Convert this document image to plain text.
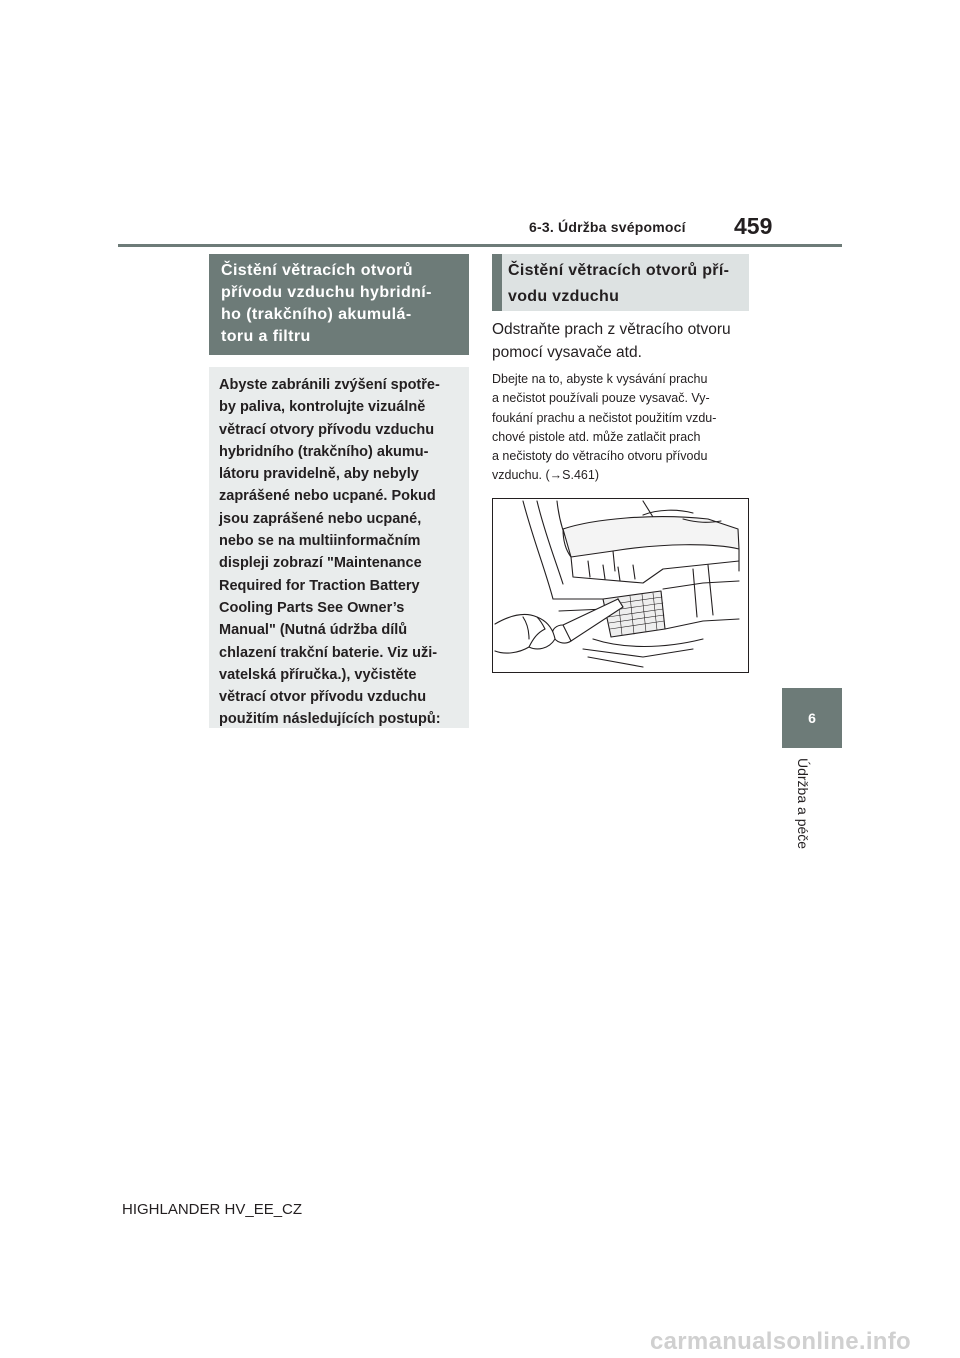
6-3. Údržba svépomocí 459
6
Údržba a péče
Čistění větracích otvorů
přívodu vzduchu hybridní-
ho (trakčního) akumulá-
toru a filtru
Abyste zabránili zvýšení spotře-
by paliva, kontrolujte vizuálně
větrací otvory přívodu vzduchu
hybridního (trakčního) akumu-
látoru pravidelně, aby nebyly
zaprášené nebo ucpané. Pokud
jsou zaprášené nebo ucpané,
nebo se na multiinformačním
displeji zobrazí "Maintenance
Required for Traction Battery
Cooling Parts See Owner’s
Manual" (Nutná údržba dílů
chlazení trakční baterie. Viz uži-
vatelská příručka.), vyčistěte
větrací otvor přívodu vzduchu
použitím následujících postupů:
Čistění větracích otvorů pří-
vodu vzduchu
Odstraňte prach z větracího otvoru
pomocí vysavače atd.
Dbejte na to, abyste k vysávání prachu
a nečistot používali pouze vysavač. Vy-
foukání prachu a nečistot použitím vzdu-
chové pistole atd. může zatlačit prach
a nečistoty do větracího otvoru přívodu
vzduchu. (→S.461)
HIGHLANDER HV_EE_CZ
carmanualsonline.info
